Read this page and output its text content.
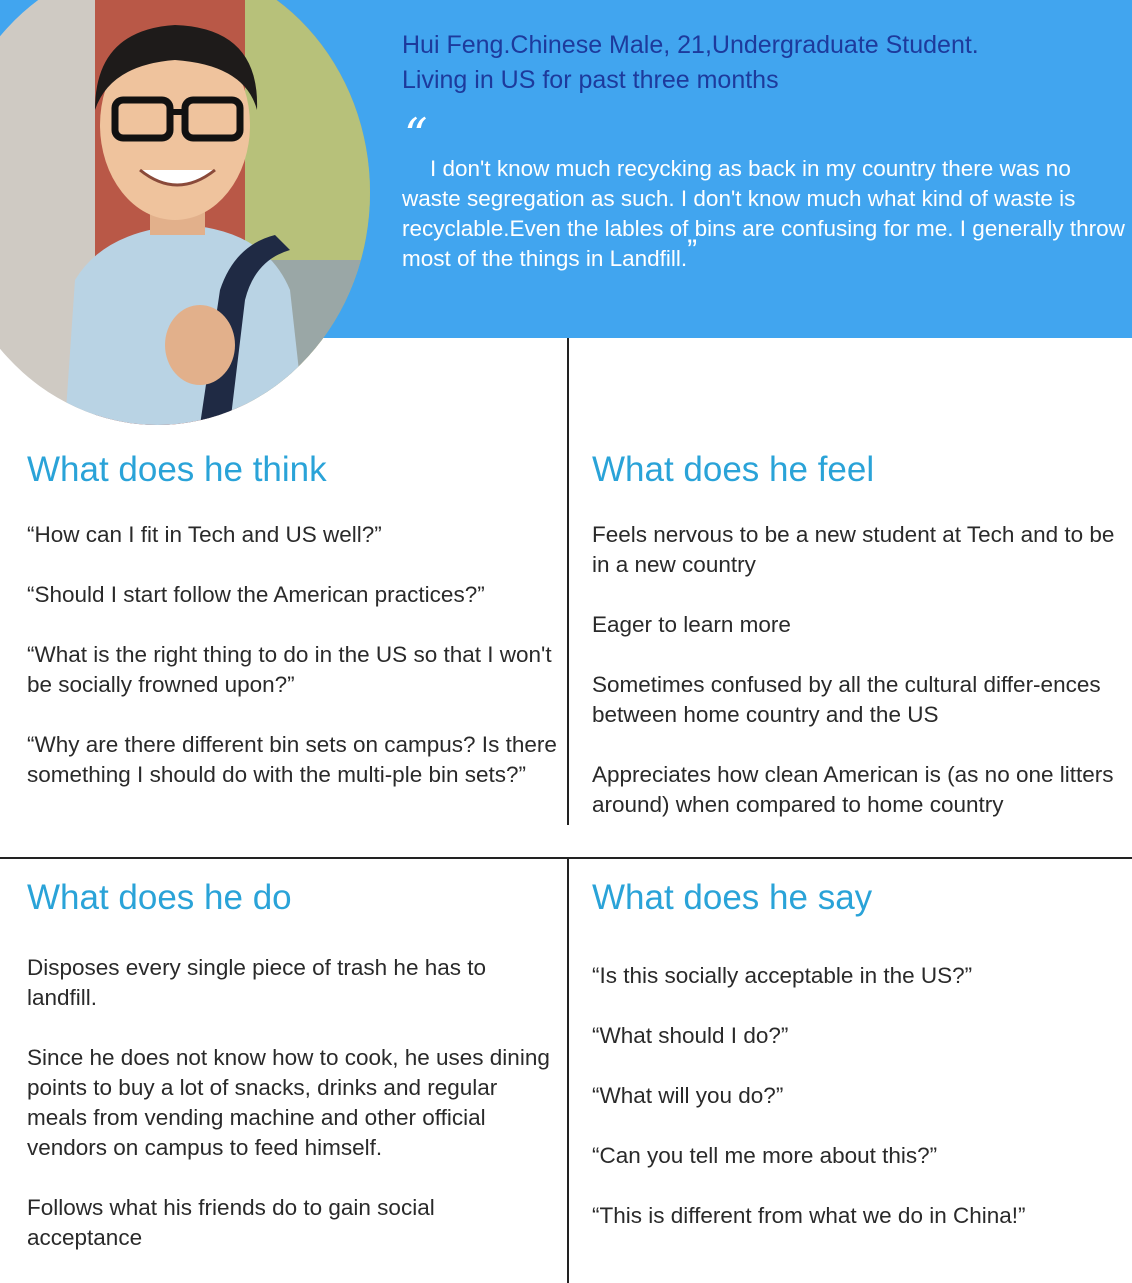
Hui Feng.Chinese Male, 21,Undergraduate Student.
Living in US for past three months

“

I don't know much recycking as back in my country there was no waste segregation as such. I don't know much what kind of waste is recyclable.Even the lables of bins are confusing for me. I generally throw most of the things in Landfill.”

What does he think
“How can I fit in Tech and US well?”
“Should I start follow the American practices?”
“What is the right thing to do in the US so that I won't be socially frowned upon?”
“Why are there different bin sets on campus? Is there something I should do with the multi-ple bin sets?”
What does he feel
Feels nervous to be a new student at Tech and to be in a new country
Eager to learn more
Sometimes confused by all the cultural differ-ences between home country and the US
Appreciates how clean American is (as no one litters around) when compared to home country
What does he do
Disposes every single piece of trash he has to landfill.
Since he does not know how to cook, he uses dining points to buy a lot of snacks, drinks and regular meals from vending machine and other official vendors on campus to feed himself.
Follows what his friends do to gain social acceptance
What does he say
“Is this socially acceptable in the US?”
“What should I do?”
“What will you do?”
“Can you tell me more about this?”
“This is different from what we do in China!”
